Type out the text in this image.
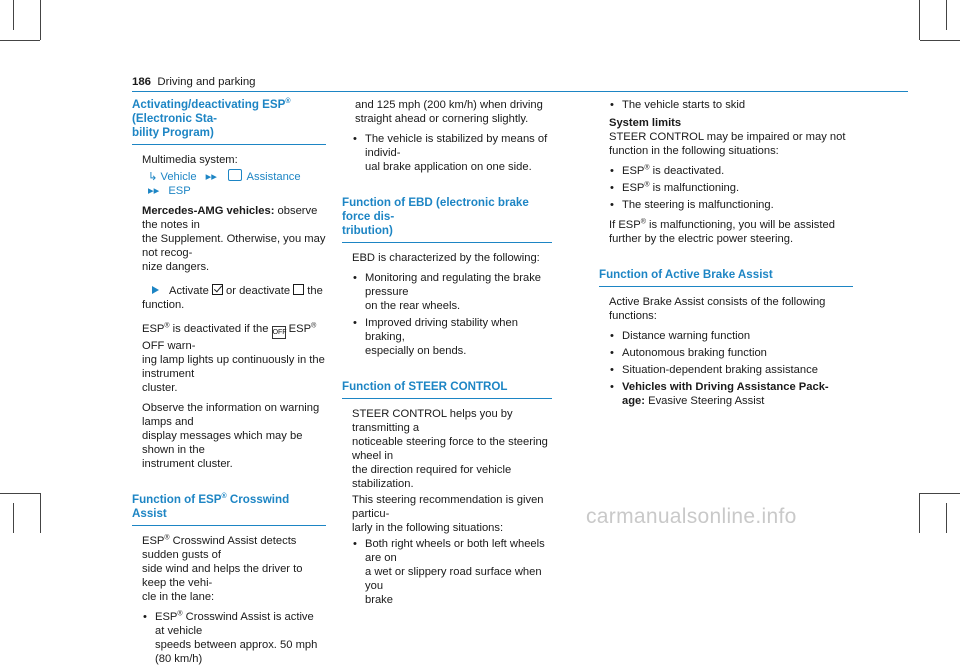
186 Driving and parking
Activating/deactivating ESP® (Electronic Sta-
bility Program)

Multimedia system:

↳ Vehicle ▸▸	Assistance ▸▸ ESP

Mercedes-AMG vehicles: observe the notes in
the Supplement. Otherwise, you may not recog-
nize dangers.

Activate or deactivate the function.

ESP® is deactivated if the OFF ESP® OFF warn-
ing lamp lights up continuously in the instrument
cluster.

Observe the information on warning lamps and
display messages which may be shown in the
instrument cluster.

Function of ESP® Crosswind Assist

ESP® Crosswind Assist detects sudden gusts of
side wind and helps the driver to keep the vehi-
cle in the lane:

• ESP® Crosswind Assist is active at vehicle
speeds between approx. 50 mph (80 km/h)

and 125 mph (200 km/h) when driving
straight ahead or cornering slightly.

• The vehicle is stabilized by means of individ-
ual brake application on one side.
Function of EBD (electronic brake force dis-
tribution)

EBD is characterized by the following:

• Monitoring and regulating the brake pressure
on the rear wheels.
• Improved driving stability when braking,
especially on bends.
Function of STEER CONTROL

STEER CONTROL helps you by transmitting a
noticeable steering force to the steering wheel in
the direction required for vehicle stabilization.

This steering recommendation is given particu-
larly in the following situations:

• Both right wheels or both left wheels are on
a wet or slippery road surface when you
brake
• The vehicle starts to skid

System limits

STEER CONTROL may be impaired or may not
function in the following situations:

• ESP® is deactivated.
• ESP® is malfunctioning.
• The steering is malfunctioning.

If ESP® is malfunctioning, you will be assisted
further by the electric power steering.

Function of Active Brake Assist

Active Brake Assist consists of the following
functions:

• Distance warning function
• Autonomous braking function
• Situation-dependent braking assistance
• Vehicles with Driving Assistance Pack-
age: Evasive Steering Assist
carmanualsonline.info
